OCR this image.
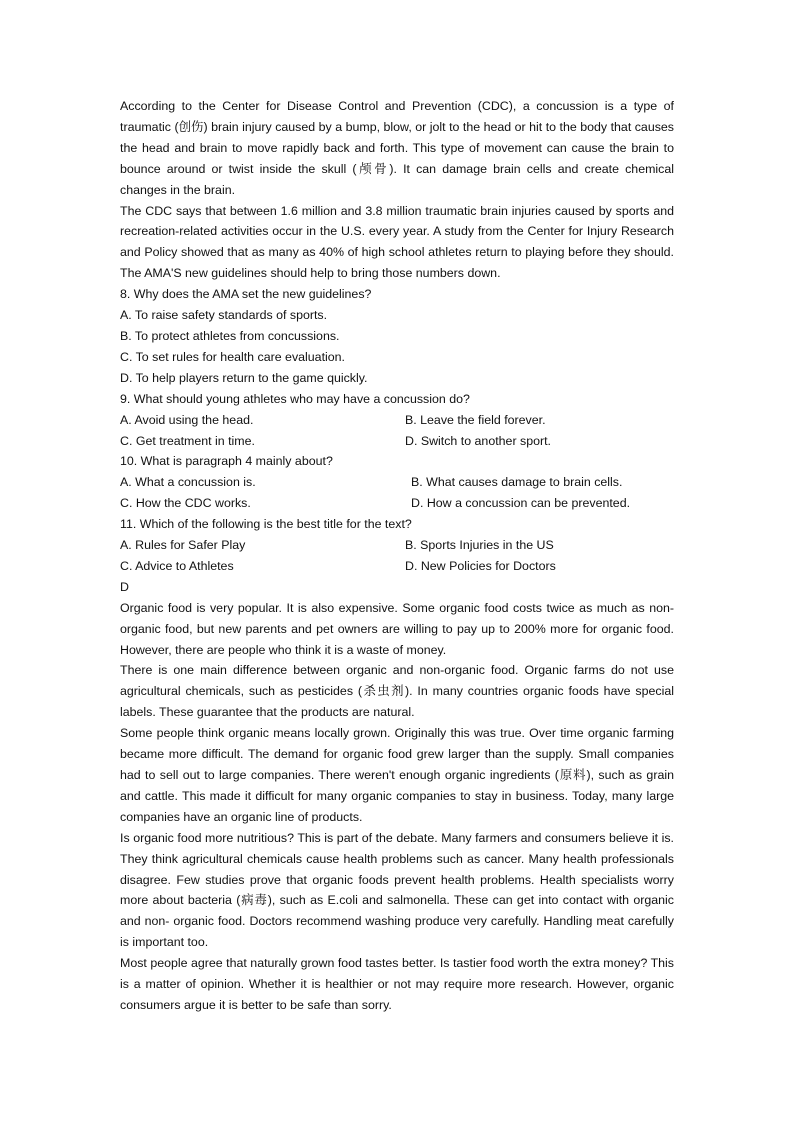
According to the Center for Disease Control and Prevention (CDC), a concussion is a type of traumatic (创伤) brain injury caused by a bump, blow, or jolt to the head or hit to the body that causes the head and brain to move rapidly back and forth. This type of movement can cause the brain to bounce around or twist inside the skull (颅骨). It can damage brain cells and create chemical changes in the brain.

The CDC says that between 1.6 million and 3.8 million traumatic brain injuries caused by sports and recreation-related activities occur in the U.S. every year. A study from the Center for Injury Research and Policy showed that as many as 40% of high school athletes return to playing before they should. The AMA'S new guidelines should help to bring those numbers down.

8. Why does the AMA set the new guidelines?

A. To raise safety standards of sports.

B. To protect athletes from concussions.

C. To set rules for health care evaluation.

D. To help players return to the game quickly.

9. What should young athletes who may have a concussion do?

A. Avoid using the head.	B. Leave the field forever.
C. Get treatment in time.	D. Switch to another sport.

10. What is paragraph 4 mainly about?

A. What a concussion is.	B. What causes damage to brain cells.
C. How the CDC works.	D. How a concussion can be prevented.

11. Which of the following is the best title for the text?

A. Rules for Safer Play	B. Sports Injuries in the US
C. Advice to Athletes	D. New Policies for Doctors

D

Organic food is very popular. It is also expensive. Some organic food costs twice as much as non-organic food, but new parents and pet owners are willing to pay up to 200% more for organic food. However, there are people who think it is a waste of money.

There is one main difference between organic and non-organic food. Organic farms do not use agricultural chemicals, such as pesticides (杀虫剂). In many countries organic foods have special labels. These guarantee that the products are natural.

Some people think organic means locally grown. Originally this was true. Over time organic farming became more difficult. The demand for organic food grew larger than the supply. Small companies had to sell out to large companies. There weren't enough organic ingredients (原料), such as grain and cattle. This made it difficult for many organic companies to stay in business. Today, many large companies have an organic line of products.

Is organic food more nutritious? This is part of the debate. Many farmers and consumers believe it is. They think agricultural chemicals cause health problems such as cancer. Many health professionals disagree. Few studies prove that organic foods prevent health problems. Health specialists worry more about bacteria (病毒), such as E.coli and salmonella. These can get into contact with organic and non- organic food. Doctors recommend washing produce very carefully. Handling meat carefully is important too.

Most people agree that naturally grown food tastes better. Is tastier food worth the extra money? This is a matter of opinion. Whether it is healthier or not may require more research. However, organic consumers argue it is better to be safe than sorry.
